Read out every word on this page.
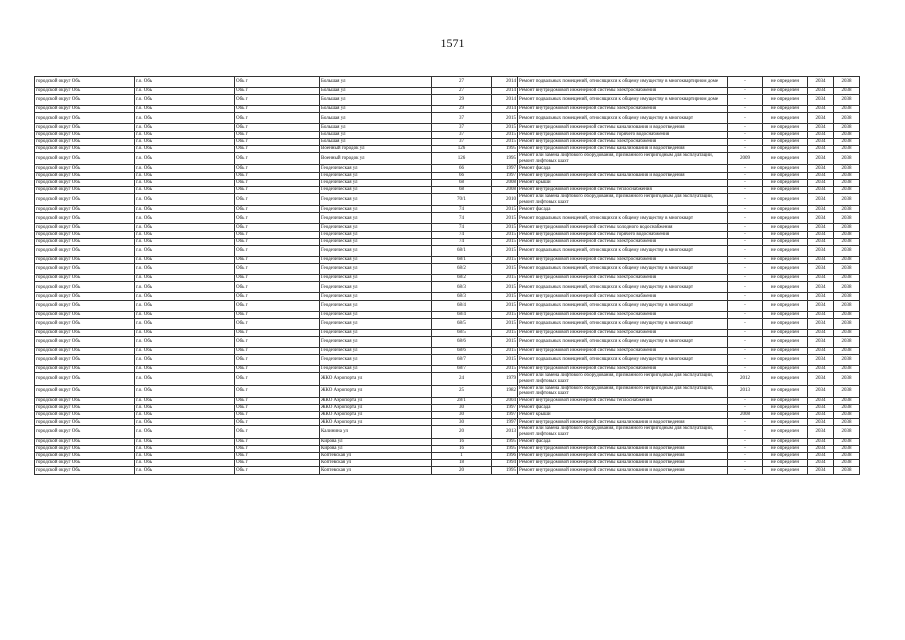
1571
городской округ Обь	г.о. Обь	Обь г	Большая ул	27	2014	Ремонт подвальных помещений, относящихся к общему имуществу в многоквартирном доме	-	не определен	2034	2038
городской округ Обь	г.о. Обь	Обь г	Большая ул	27	2014	Ремонт внутридомовой инженерной системы электроснабжения	-	не определен	2034	2038
городской округ Обь	г.о. Обь	Обь г	Большая ул	29	2014	Ремонт подвальных помещений, относящихся к общему имуществу в многоквартирном доме	-	не определен	2034	2038
городской округ Обь	г.о. Обь	Обь г	Большая ул	29	2014	Ремонт внутридомовой инженерной системы электроснабжения	-	не определен	2034	2038
городской округ Обь	г.о. Обь	Обь г	Большая ул	37	2015	Ремонт подвальных помещений, относящихся к общему имуществу в многокварт	-	не определен	2034	2038
городской округ Обь	г.о. Обь	Обь г	Большая ул	37	2015	Ремонт внутридомовой инженерной системы канализования и водоотведения	-	не определен	2034	2038
городской округ Обь	г.о. Обь	Обь г	Большая ул	37	2015	Ремонт внутридомовой инженерной системы горячего водоснабжения	-	не определен	2034	2038
городской округ Обь	г.о. Обь	Обь г	Большая ул	37	2015	Ремонт внутридомовой инженерной системы электроснабжения	-	не определен	2034	2038
городской округ Обь	г.о. Обь	Обь г	Военный городок ул	126	1995	Ремонт внутридомовой инженерной системы канализования и водоотведения	-	не определен	2034	2038
городской округ Обь	г.о. Обь	Обь г	Военный городок ул	126	1995	Ремонт или замена лифтового оборудования, признанного непригодным для эксплуатации, ремонт лифтовых шахт	2009	не определен	2034	2038
городской округ Обь	г.о. Обь	Обь г	Геодезическая ул	66	1997	Ремонт фасада	-	не определен	2034	2038
городской округ Обь	г.о. Обь	Обь г	Геодезическая ул	66	1997	Ремонт внутридомовой инженерной системы канализования и водоотведения	-	не определен	2034	2038
городской округ Обь	г.о. Обь	Обь г	Геодезическая ул	68	2008	Ремонт крыши	-	не определен	2034	2038
городской округ Обь	г.о. Обь	Обь г	Геодезическая ул	68	2008	Ремонт внутридомовой инженерной системы теплоснабжения	-	не определен	2034	2038
городской округ Обь	г.о. Обь	Обь г	Геодезическая ул	70/1	2010	Ремонт или замена лифтового оборудования, признанного непригодным для эксплуатации, ремонт лифтовых шахт	-	не определен	2034	2038
городской округ Обь	г.о. Обь	Обь г	Геодезическая ул	74	2015	Ремонт фасада	-	не определен	2034	2038
городской округ Обь	г.о. Обь	Обь г	Геодезическая ул	74	2015	Ремонт подвальных помещений, относящихся к общему имуществу в многокварт	-	не определен	2034	2038
городской округ Обь	г.о. Обь	Обь г	Геодезическая ул	74	2015	Ремонт внутридомовой инженерной системы холодного водоснабжения	-	не определен	2034	2038
городской округ Обь	г.о. Обь	Обь г	Геодезическая ул	74	2015	Ремонт внутридомовой инженерной системы горячего водоснабжения	-	не определен	2034	2038
городской округ Обь	г.о. Обь	Обь г	Геодезическая ул	74	2015	Ремонт внутридомовой инженерной системы электроснабжения	-	не определен	2034	2038
городской округ Обь	г.о. Обь	Обь г	Геодезическая ул	68/1	2015	Ремонт подвальных помещений, относящихся к общему имуществу в многокварт	-	не определен	2034	2038
городской округ Обь	г.о. Обь	Обь г	Геодезическая ул	68/1	2015	Ремонт внутридомовой инженерной системы электроснабжения	-	не определен	2034	2038
городской округ Обь	г.о. Обь	Обь г	Геодезическая ул	68/2	2015	Ремонт подвальных помещений, относящихся к общему имуществу в многокварт	-	не определен	2034	2038
городской округ Обь	г.о. Обь	Обь г	Геодезическая ул	68/2	2015	Ремонт внутридомовой инженерной системы электроснабжения	-	не определен	2034	2038
городской округ Обь	г.о. Обь	Обь г	Геодезическая ул	68/3	2015	Ремонт подвальных помещений, относящихся к общему имуществу в многокварт	-	не определен	2034	2038
городской округ Обь	г.о. Обь	Обь г	Геодезическая ул	68/3	2015	Ремонт внутридомовой инженерной системы электроснабжения	-	не определен	2034	2038
городской округ Обь	г.о. Обь	Обь г	Геодезическая ул	68/4	2015	Ремонт подвальных помещений, относящихся к общему имуществу в многокварт	-	не определен	2034	2038
городской округ Обь	г.о. Обь	Обь г	Геодезическая ул	68/4	2015	Ремонт внутридомовой инженерной системы электроснабжения	-	не определен	2034	2038
городской округ Обь	г.о. Обь	Обь г	Геодезическая ул	68/5	2015	Ремонт подвальных помещений, относящихся к общему имуществу в многокварт	-	не определен	2034	2038
городской округ Обь	г.о. Обь	Обь г	Геодезическая ул	68/5	2015	Ремонт внутридомовой инженерной системы электроснабжения	-	не определен	2034	2038
городской округ Обь	г.о. Обь	Обь г	Геодезическая ул	68/6	2015	Ремонт подвальных помещений, относящихся к общему имуществу в многокварт	-	не определен	2034	2038
городской округ Обь	г.о. Обь	Обь г	Геодезическая ул	68/6	2015	Ремонт внутридомовой инженерной системы электроснабжения	-	не определен	2034	2038
городской округ Обь	г.о. Обь	Обь г	Геодезическая ул	68/7	2015	Ремонт подвальных помещений, относящихся к общему имуществу в многокварт	-	не определен	2034	2038
городской округ Обь	г.о. Обь	Обь г	Геодезическая ул	68/7	2015	Ремонт внутридомовой инженерной системы электроснабжения	-	не определен	2034	2038
городской округ Обь	г.о. Обь	Обь г	ЖКО Аэропорта ул	24	1979	Ремонт или замена лифтового оборудования, признанного непригодным для эксплуатации, ремонт лифтовых шахт	2012	не определен	2034	2038
городской округ Обь	г.о. Обь	Обь г	ЖКО Аэропорта ул	25	1982	Ремонт или замена лифтового оборудования, признанного непригодным для эксплуатации, ремонт лифтовых шахт	2013	не определен	2034	2038
городской округ Обь	г.о. Обь	Обь г	ЖКО Аэропорта ул	28/1	2004	Ремонт внутридомовой инженерной системы теплоснабжения	-	не определен	2034	2038
городской округ Обь	г.о. Обь	Обь г	ЖКО Аэропорта ул	30	1997	Ремонт фасада	-	не определен	2034	2038
городской округ Обь	г.о. Обь	Обь г	ЖКО Аэропорта ул	30	1997	Ремонт крыши	2008	не определен	2034	2038
городской округ Обь	г.о. Обь	Обь г	ЖКО Аэропорта ул	30	1997	Ремонт внутридомовой инженерной системы канализования и водоотведения	-	не определен	2034	2038
городской округ Обь	г.о. Обь	Обь г	Калинина ул	20	2013	Ремонт или замена лифтового оборудования, признанного непригодным для эксплуатации, ремонт лифтовых шахт	-	не определен	2034	2038
городской округ Обь	г.о. Обь	Обь г	Кирова ул	16	1995	Ремонт фасада	-	не определен	2034	2038
городской округ Обь	г.о. Обь	Обь г	Кирова ул	16	1995	Ремонт внутридомовой инженерной системы канализования и водоотведения	-	не определен	2034	2038
городской округ Обь	г.о. Обь	Обь г	Коптевская ул	1	1996	Ремонт внутридомовой инженерной системы канализования и водоотведения	-	не определен	2034	2038
городской округ Обь	г.о. Обь	Обь г	Коптевская ул	18	1994	Ремонт внутридомовой инженерной системы канализования и водоотведения	-	не определен	2034	2038
городской округ Обь	г.о. Обь	Обь г	Коптевская ул	20	1995	Ремонт внутридомовой инженерной системы канализования и водоотведения	-	не определен	2034	2038
